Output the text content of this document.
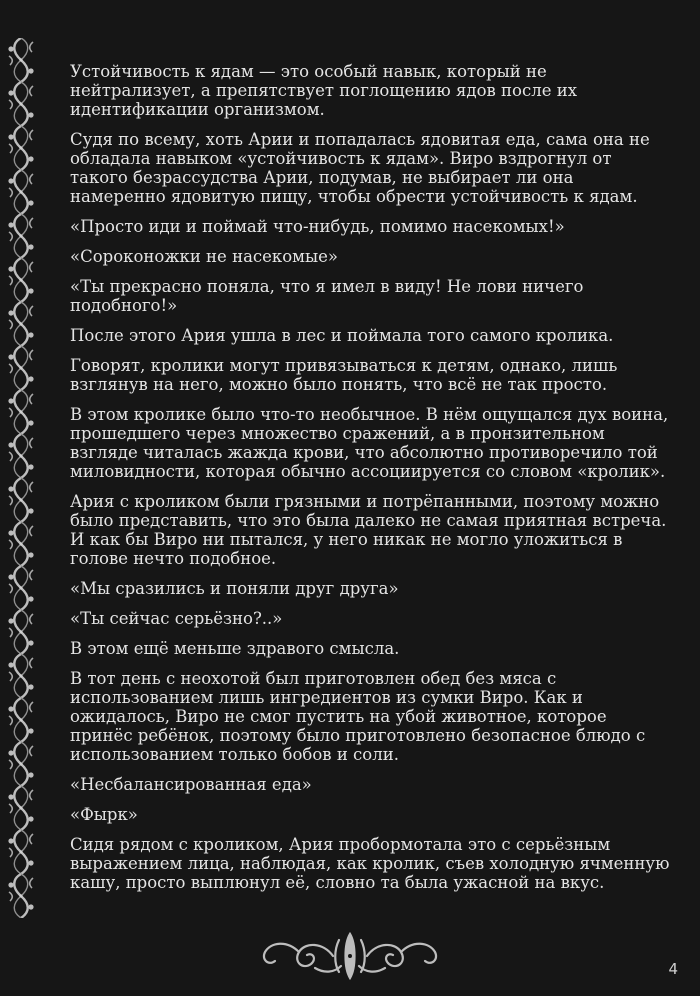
Устойчивость к ядам — это особый навык, который не нейтрализует, а препятствует поглощению ядов после их идентификации организмом.

Судя по всему, хоть Арии и попадалась ядовитая еда, сама она не обладала навыком «устойчивость к ядам». Виро вздрогнул от такого безрассудства Арии, подумав, не выбирает ли она намеренно ядовитую пищу, чтобы обрести устойчивость к ядам.

«Просто иди и поймай что-нибудь, помимо насекомых!»

«Сороконожки не насекомые»

«Ты прекрасно поняла, что я имел в виду! Не лови ничего подобного!»

После этого Ария ушла в лес и поймала того самого кролика.

Говорят, кролики могут привязываться к детям, однако, лишь взглянув на него, можно было понять, что всё не так просто.

В этом кролике было что-то необычное. В нём ощущался дух воина, прошедшего через множество сражений, а в пронзительном взгляде читалась жажда крови, что абсолютно противоречило той миловидности, которая обычно ассоциируется со словом «кролик».

Ария с кроликом были грязными и потрёпанными, поэтому можно было представить, что это была далеко не самая приятная встреча. И как бы Виро ни пытался, у него никак не могло уложиться в голове нечто подобное.

«Мы сразились и поняли друг друга»

«Ты сейчас серьёзно?..»

В этом ещё меньше здравого смысла.

В тот день с неохотой был приготовлен обед без мяса с использованием лишь ингредиентов из сумки Виро. Как и ожидалось, Виро не смог пустить на убой животное, которое принёс ребёнок, поэтому было приготовлено безопасное блюдо с использованием только бобов и соли.

«Несбалансированная еда»

«Фырк»

Сидя рядом с кроликом, Ария пробормотала это с серьёзным выражением лица, наблюдая, как кролик, съев холодную ячменную кашу, просто выплюнул её, словно та была ужасной на вкус.

4
